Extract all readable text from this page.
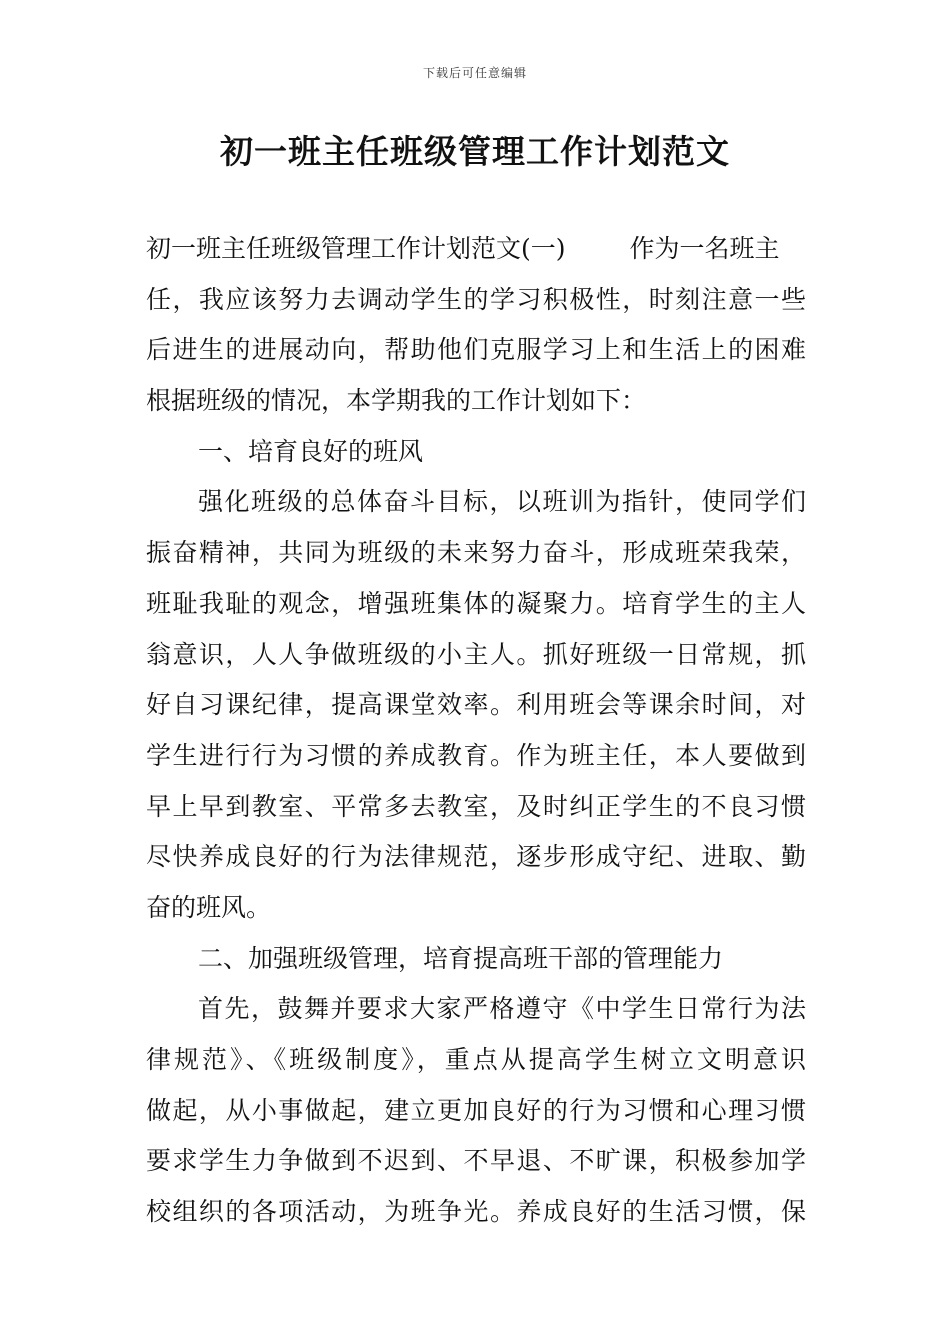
下载后可任意编辑
初一班主任班级管理工作计划范文
初一班主任班级管理工作计划范文(一)	作为一名班主
任，我应该努力去调动学生的学习积极性，时刻注意一些
后进生的进展动向，帮助他们克服学习上和生活上的困难
根据班级的情况，本学期我的工作计划如下：
一、培育良好的班风
强化班级的总体奋斗目标，以班训为指针，使同学们
振奋精神，共同为班级的未来努力奋斗，形成班荣我荣，
班耻我耻的观念，增强班集体的凝聚力。培育学生的主人
翁意识，人人争做班级的小主人。抓好班级一日常规，抓
好自习课纪律，提高课堂效率。利用班会等课余时间，对
学生进行行为习惯的养成教育。作为班主任，本人要做到
早上早到教室、平常多去教室，及时纠正学生的不良习惯
尽快养成良好的行为法律规范，逐步形成守纪、进取、勤
奋的班风。
二、加强班级管理，培育提高班干部的管理能力
首先，鼓舞并要求大家严格遵守《中学生日常行为法
律规范》、《班级制度》，重点从提高学生树立文明意识
做起，从小事做起，建立更加良好的行为习惯和心理习惯
要求学生力争做到不迟到、不早退、不旷课，积极参加学
校组织的各项活动，为班争光。养成良好的生活习惯，保
